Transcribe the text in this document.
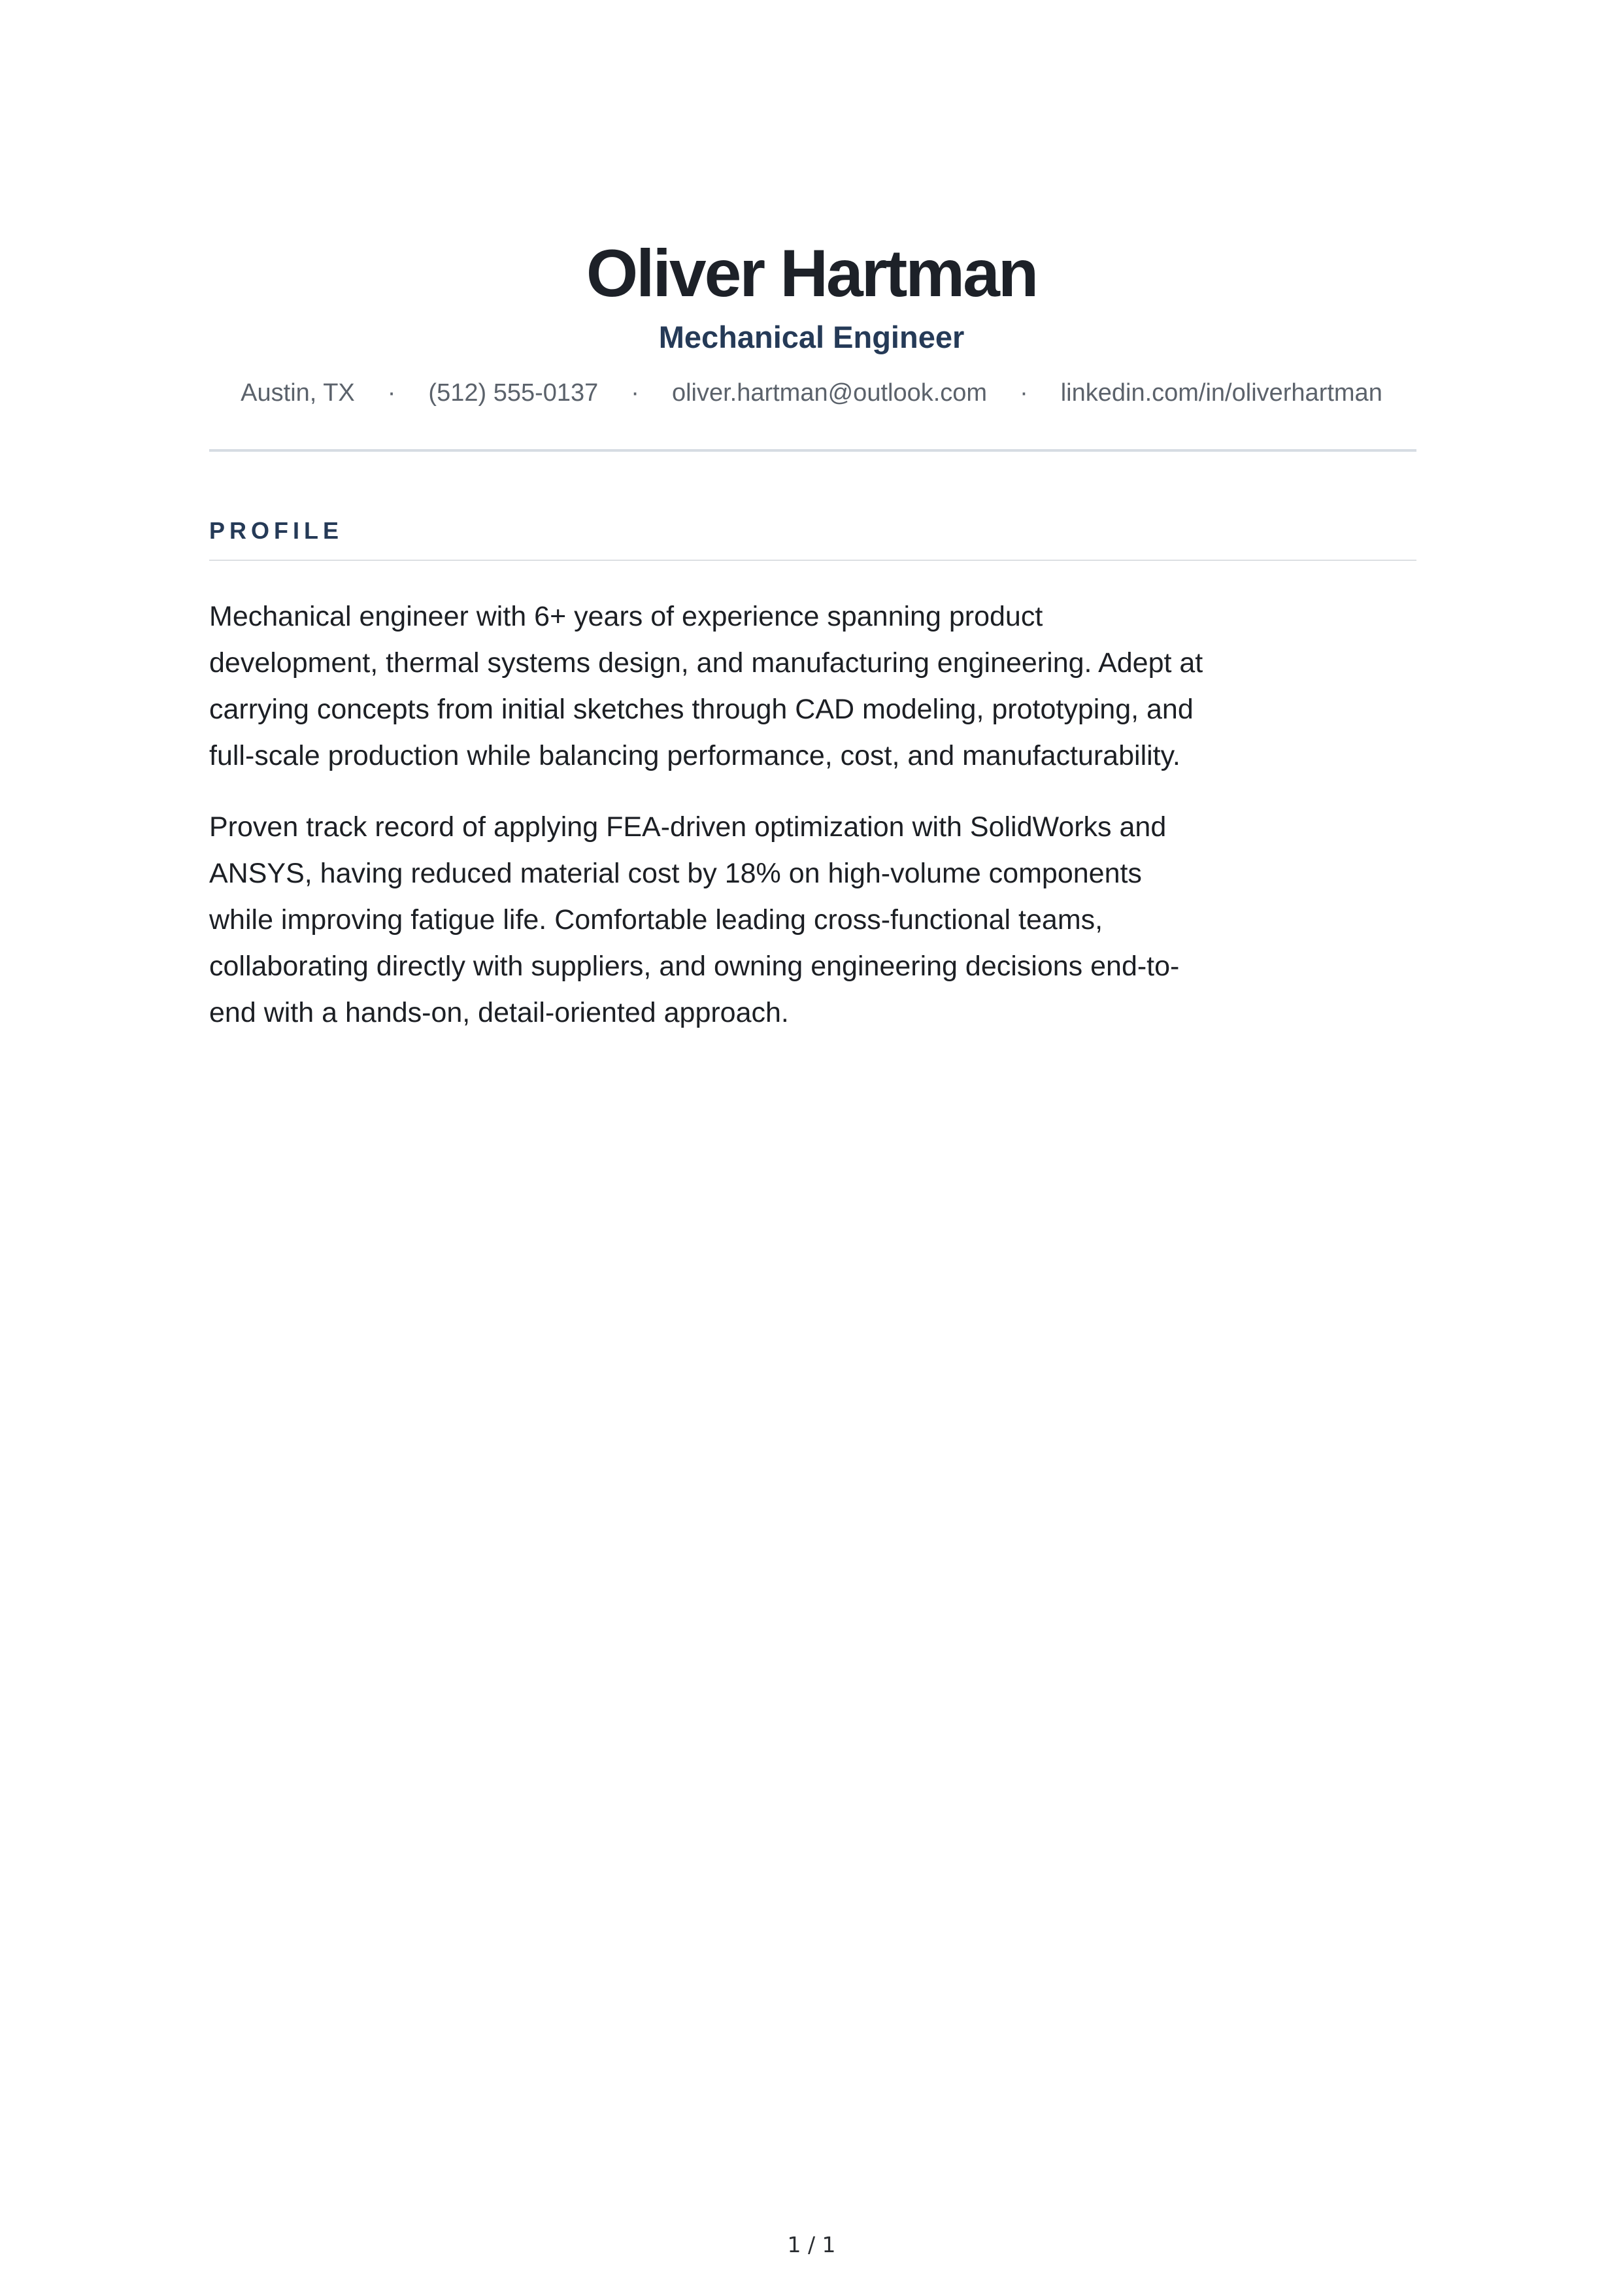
Oliver Hartman
Mechanical Engineer
Austin, TX · (512) 555-0137 · oliver.hartman@outlook.com · linkedin.com/in/oliverhartman
PROFILE

Mechanical engineer with 6+ years of experience spanning product development, thermal systems design, and manufacturing engineering. Adept at carrying concepts from initial sketches through CAD modeling, prototyping, and full-scale production while balancing performance, cost, and manufacturability.

Proven track record of applying FEA-driven optimization with SolidWorks and ANSYS, having reduced material cost by 18% on high-volume components while improving fatigue life. Comfortable leading cross-functional teams, collaborating directly with suppliers, and owning engineering decisions end-to-end with a hands-on, detail-oriented approach.

1 / 1
